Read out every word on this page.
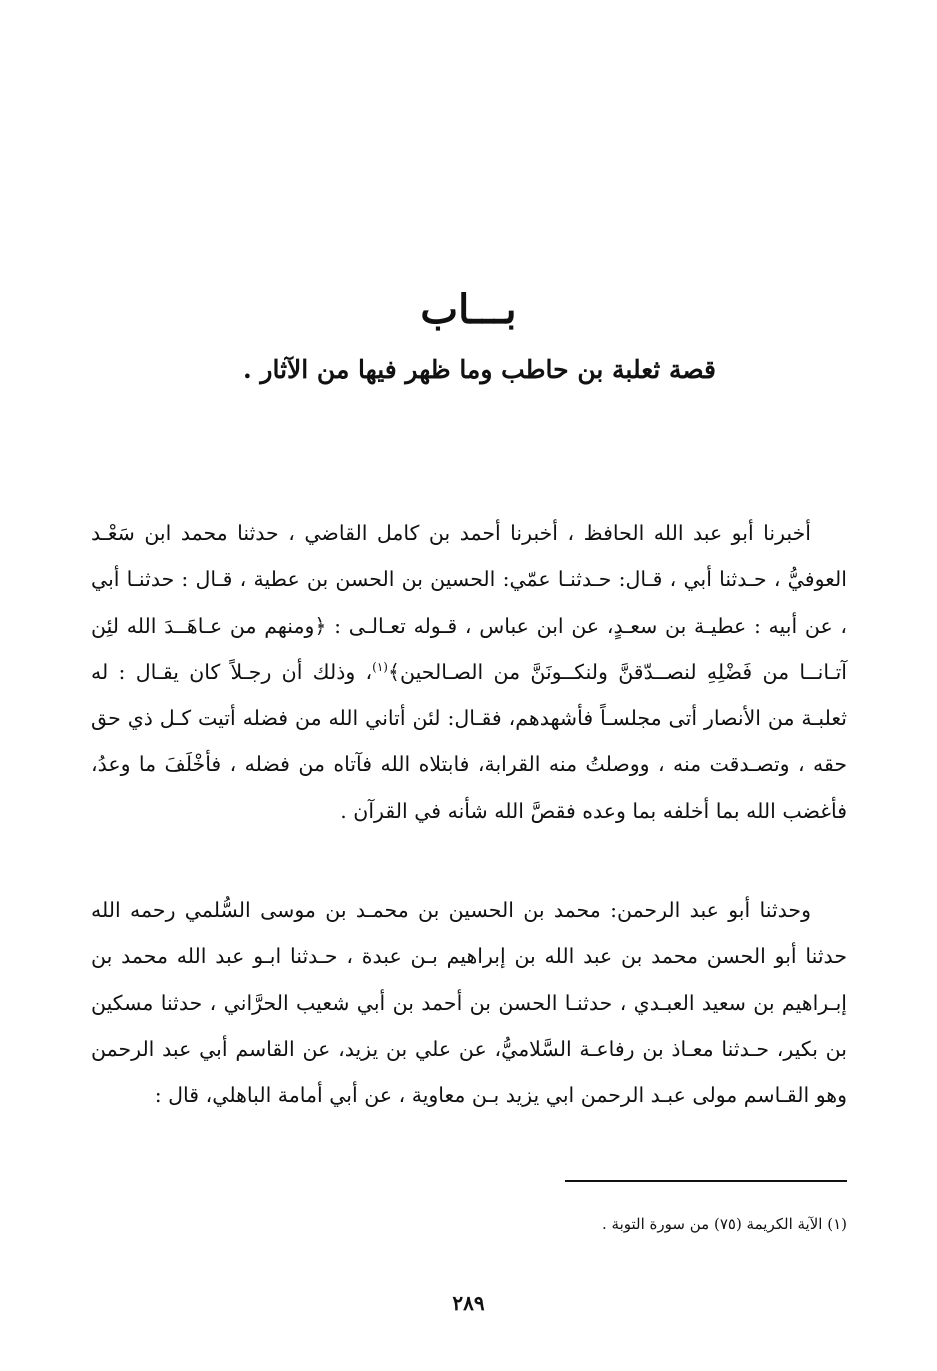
بـــاب
قصة ثعلبة بن حاطب وما ظهر فيها من الآثار .

أخبرنا أبو عبد الله الحافظ ، أخبرنا أحمد بن كامل القاضي ، حدثنا محمد ابن سَعْـد العوفيُّ ، حـدثنا أبي ، قـال: حـدثنـا عمّي: الحسين بن الحسن بن عطية ، قـال : حدثنـا أبي ، عن أبيه : عطيـة بن سعـدٍ، عن ابن عباس ، قـوله تعـالـى : ﴿ومنهم من عـاهَــدَ الله لئِن آتـانــا من فَضْلِهِ لنصــدّقنَّ ولنكــونَنَّ من الصـالحين﴾$^{(١)}$، وذلك أن رجـلاً كان يقـال : له ثعلبـة من الأنصار أتى مجلسـاً فأشهدهم، فقـال: لئن أتاني الله من فضله أتيت كـل ذي حق حقه ، وتصـدقت منه ، ووصلتُ منه القرابة، فابتلاه الله فآتاه من فضله ، فأخْلَفَ ما وعدُ، فأغضب الله بما أخلفه بما وعده فقصَّ الله شأنه في القرآن .

وحدثنا أبو عبد الرحمن: محمد بن الحسين بن محمـد بن موسى السُّلمي رحمه الله حدثنا أبو الحسن محمد بن عبد الله بن إبراهيم بـن عبدة ، حـدثنا ابـو عبد الله محمد بن إبـراهيم بن سعيد العبـدي ، حدثنـا الحسن بن أحمد بن أبي شعيب الحرَّاني ، حدثنا مسكين بن بكير، حـدثنا معـاذ بن رفاعـة السَّلاميُّ، عن علي بن يزيد، عن القاسم أبي عبد الرحمن وهو القـاسم مولى عبـد الرحمن ابي يزيد بـن معاوية ، عن أبي أمامة الباهلي، قال :

(١) الآية الكريمة (٧٥) من سورة التوبة .
٢٨٩
